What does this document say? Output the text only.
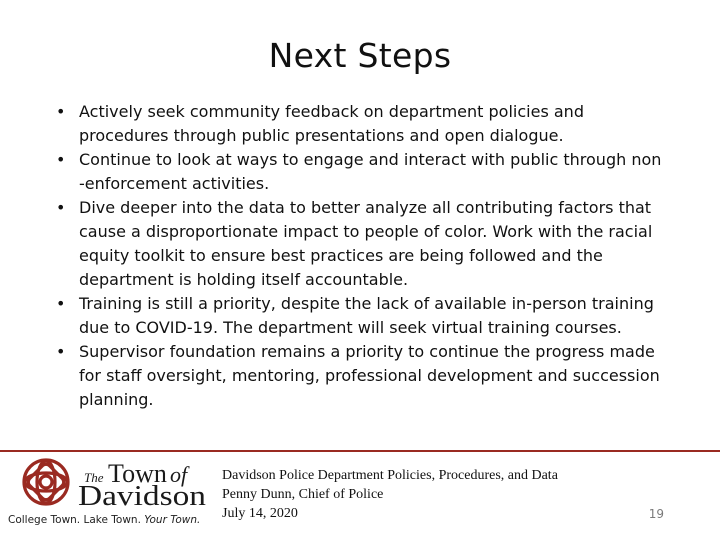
Next Steps
• Actively seek community feedback on department policies and procedures through public presentations and open dialogue.
• Continue to look at ways to engage and interact with public through non -enforcement activities.
• Dive deeper into the data to better analyze all contributing factors that cause a disproportionate impact to people of color. Work with the racial equity toolkit to ensure best practices are being followed and the department is holding itself accountable.
• Training is still a priority, despite the lack of available in-person training due to COVID-19. The department will seek virtual training courses.
• Supervisor foundation remains a priority to continue the progress made for staff oversight, mentoring, professional development and succession planning.
The Town of
Davidson
College Town. Lake Town. Your Town.
Davidson Police Department Policies, Procedures, and Data
Penny Dunn, Chief of Police
July 14, 2020	19
